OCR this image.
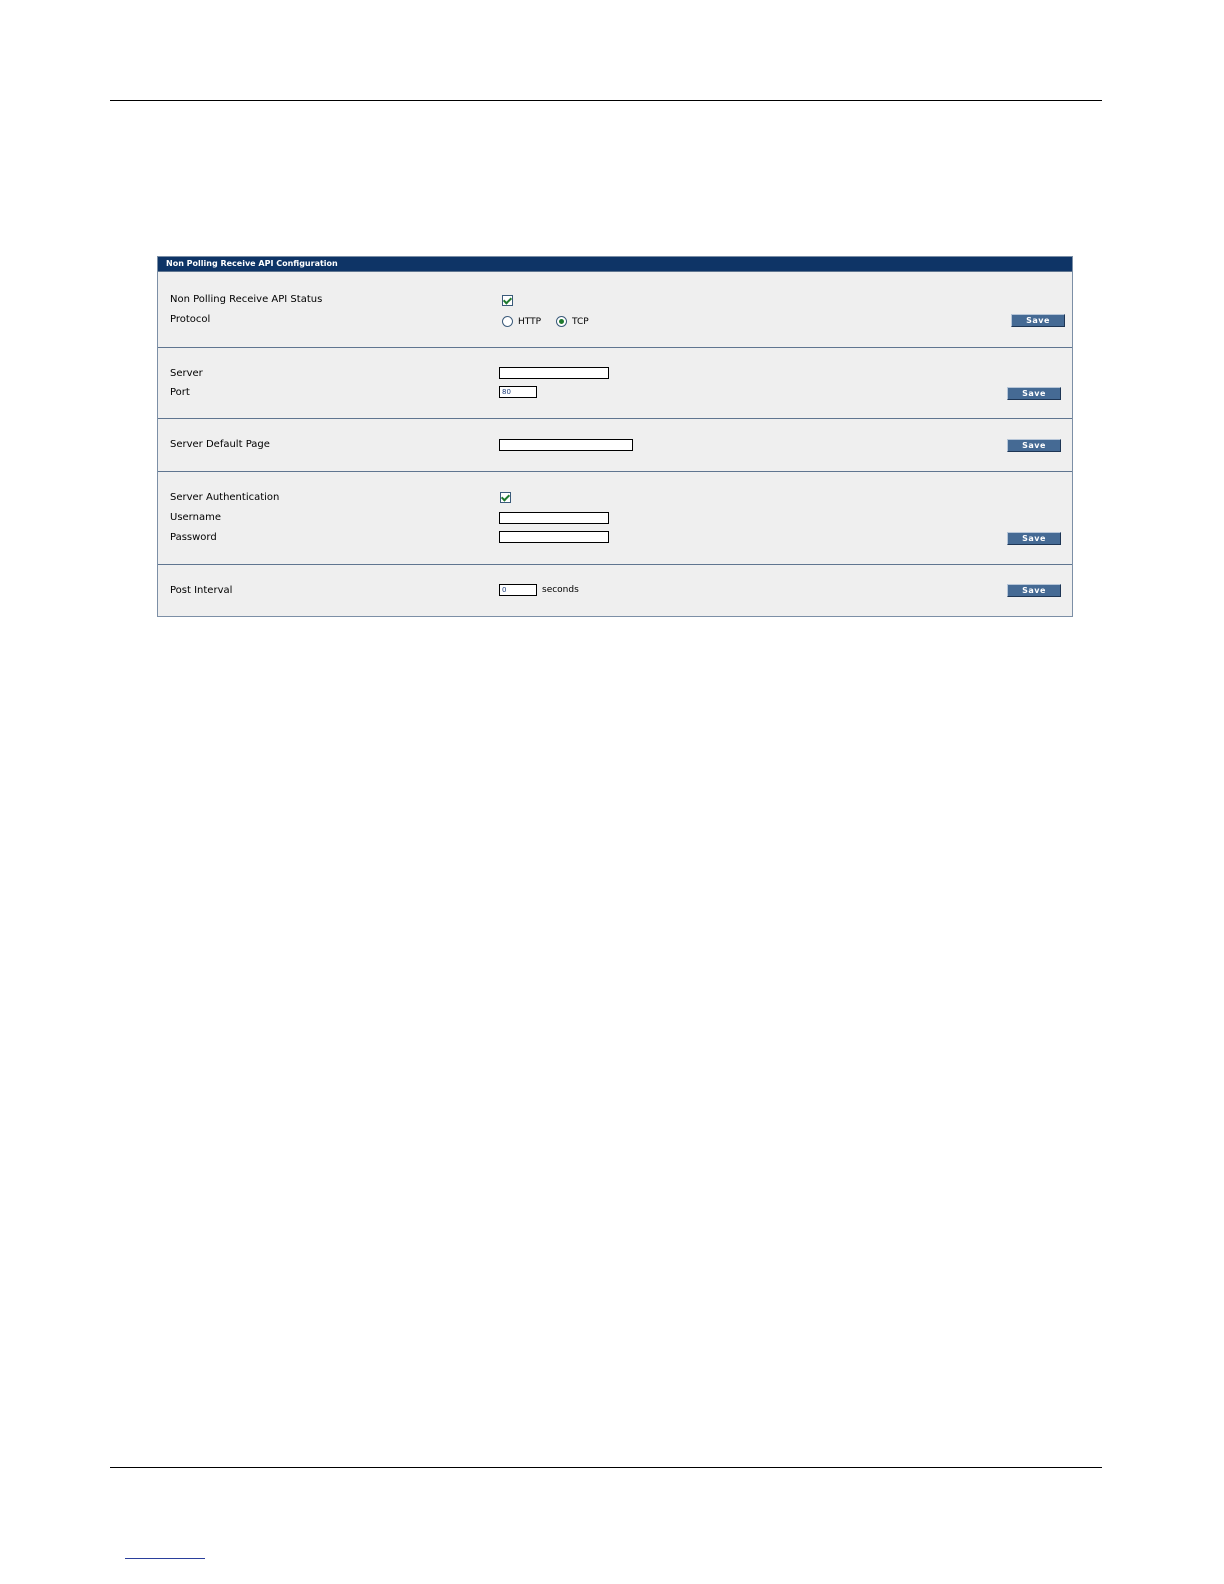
Non Polling Receive API Configuration
Non Polling Receive API Status
Protocol	HTTP	TCP	Save
Server
Port	80	Save
Server Default Page	Save
Server Authentication
Username
Password	Save
Post Interval	0	seconds	Save
